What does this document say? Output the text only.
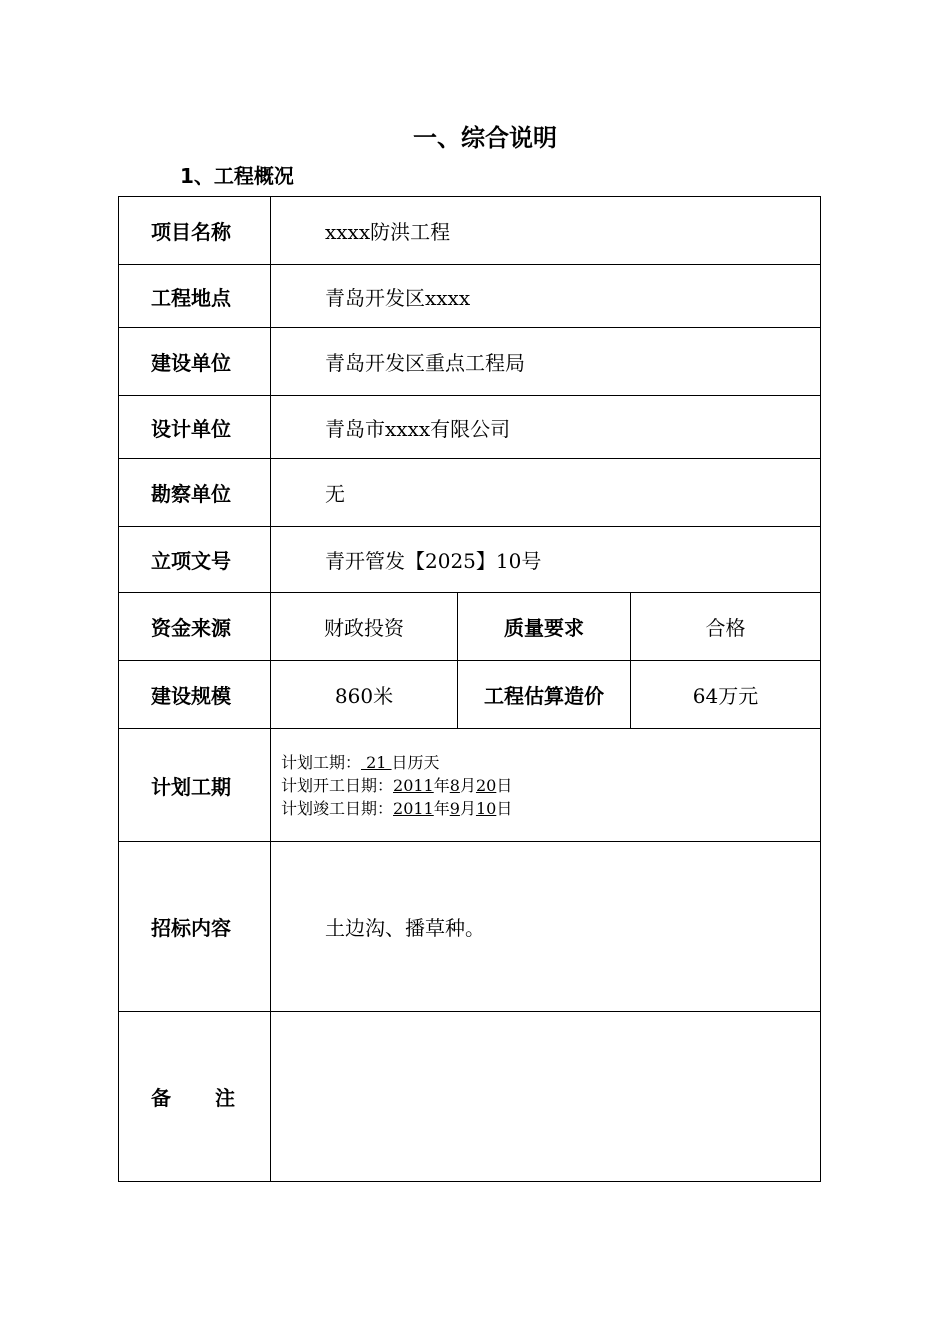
一、综合说明
1、工程概况
项目名称	xxxx防洪工程		
工程地点	青岛开发区xxxx		
建设单位	青岛开发区重点工程局		
设计单位	青岛市xxxx有限公司		
勘察单位	无		
立项文号	青开管发【2025】10号		
资金来源	财政投资	质量要求	合格
建设规模	860米	工程估算造价	64万元
计划工期	计划工期： 21 日历天
计划开工日期：2011年8月20日
计划竣工日期：2011年9月10日		

招标内容	土边沟、播草种。		
备 注			
